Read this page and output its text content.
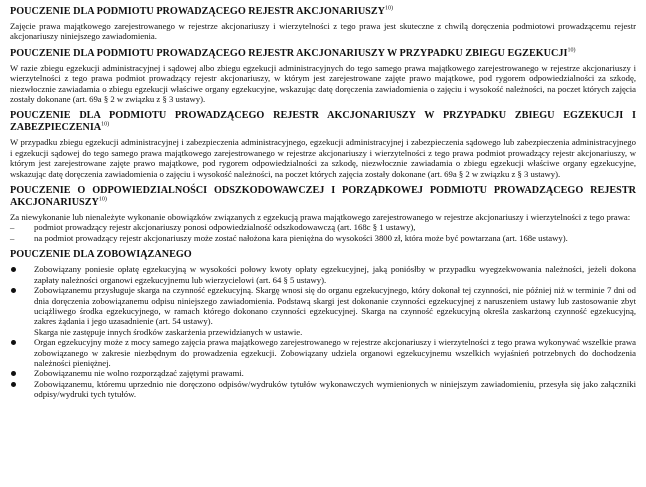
POUCZENIE DLA PODMIOTU PROWADZĄCEGO REJESTR AKCJONARIUSZY$^{10)}$
Zajęcie prawa majątkowego zarejestrowanego w rejestrze akcjonariuszy i wierzytelności z tego prawa jest skuteczne z chwilą doręczenia podmiotowi prowadzącemu rejestr akcjonariuszy niniejszego zawiadomienia.
POUCZENIE DLA PODMIOTU PROWADZĄCEGO REJESTR AKCJONARIUSZY W PRZYPADKU ZBIEGU EGZEKUCJI$^{10)}$
W razie zbiegu egzekucji administracyjnej i sądowej albo zbiegu egzekucji administracyjnych do tego samego prawa majątkowego zarejestrowanego w rejestrze akcjonariuszy i wierzytelności z tego prawa podmiot prowadzący rejestr akcjonariuszy, w którym jest zarejestrowane zajęte prawo majątkowe, pod rygorem odpowiedzialności za szkodę, niezwłocznie zawiadamia o zbiegu egzekucji właściwe organy egzekucyjne, wskazując datę doręczenia zawiadomienia o zajęciu i wysokość należności, na poczet których zajęcia zostały dokonane (art. 69a § 2 w związku z § 3 ustawy).
POUCZENIE DLA PODMIOTU PROWADZĄCEGO REJESTR AKCJONARIUSZY W PRZYPADKU ZBIEGU EGZEKUCJI I ZABEZPIECZENIA$^{10)}$
W przypadku zbiegu egzekucji administracyjnej i zabezpieczenia administracyjnego, egzekucji administracyjnej i zabezpieczenia sądowego lub zabezpieczenia administracyjnego i egzekucji sądowej do tego samego prawa majątkowego zarejestrowanego w rejestrze akcjonariuszy i wierzytelności z tego prawa podmiot prowadzący rejestr akcjonariuszy, w którym jest zarejestrowane zajęte prawo majątkowe, pod rygorem odpowiedzialności za szkodę, niezwłocznie zawiadamia o zbiegu egzekucji właściwe organy egzekucyjne, wskazując datę doręczenia zawiadomienia o zajęciu i wysokość należności, na poczet których zajęcia zostały dokonane (art. 69a § 2 w związku z § 3 ustawy).
POUCZENIE O ODPOWIEDZIALNOŚCI ODSZKODOWAWCZEJ I PORZĄDKOWEJ PODMIOTU PROWADZĄCEGO REJESTR AKCJONARIUSZY$^{10)}$
Za niewykonanie lub nienależyte wykonanie obowiązków związanych z egzekucją prawa majątkowego zarejestrowanego w rejestrze akcjonariuszy i wierzytelności z tego prawa:
– podmiot prowadzący rejestr akcjonariuszy ponosi odpowiedzialność odszkodowawczą (art. 168c § 1 ustawy),
– na podmiot prowadzący rejestr akcjonariuszy może zostać nałożona kara pieniężna do wysokości 3800 zł, która może być powtarzana (art. 168e ustawy).
POUCZENIE DLA ZOBOWIĄZANEGO
Zobowiązany poniesie opłatę egzekucyjną w wysokości połowy kwoty opłaty egzekucyjnej, jaką poniósłby w przypadku wyegzekwowania należności, jeżeli dokona zapłaty należności organowi egzekucyjnemu lub wierzycielowi (art. 64 § 5 ustawy).
Zobowiązanemu przysługuje skarga na czynność egzekucyjną. Skargę wnosi się do organu egzekucyjnego, który dokonał tej czynności, nie później niż w terminie 7 dni od dnia doręczenia zobowiązanemu odpisu niniejszego zawiadomienia. Podstawą skargi jest dokonanie czynności egzekucyjnej z naruszeniem ustawy lub zastosowanie zbyt uciążliwego środka egzekucyjnego, w ramach którego dokonano czynności egzekucyjnej. Skarga na czynność egzekucyjną określa zaskarżoną czynność egzekucyjną, zakres żądania i jego uzasadnienie (art. 54 ustawy).
Skarga nie zastępuje innych środków zaskarżenia przewidzianych w ustawie.
Organ egzekucyjny może z mocy samego zajęcia prawa majątkowego zarejestrowanego w rejestrze akcjonariuszy i wierzytelności z tego prawa wykonywać wszelkie prawa zobowiązanego w zakresie niezbędnym do prowadzenia egzekucji. Zobowiązany udziela organowi egzekucyjnemu wszelkich wyjaśnień potrzebnych do dochodzenia należności pieniężnej.
Zobowiązanemu nie wolno rozporządzać zajętymi prawami.
Zobowiązanemu, któremu uprzednio nie doręczono odpisów/wydruków tytułów wykonawczych wymienionych w niniejszym zawiadomieniu, przesyła się jako załączniki odpisy/wydruki tych tytułów.
